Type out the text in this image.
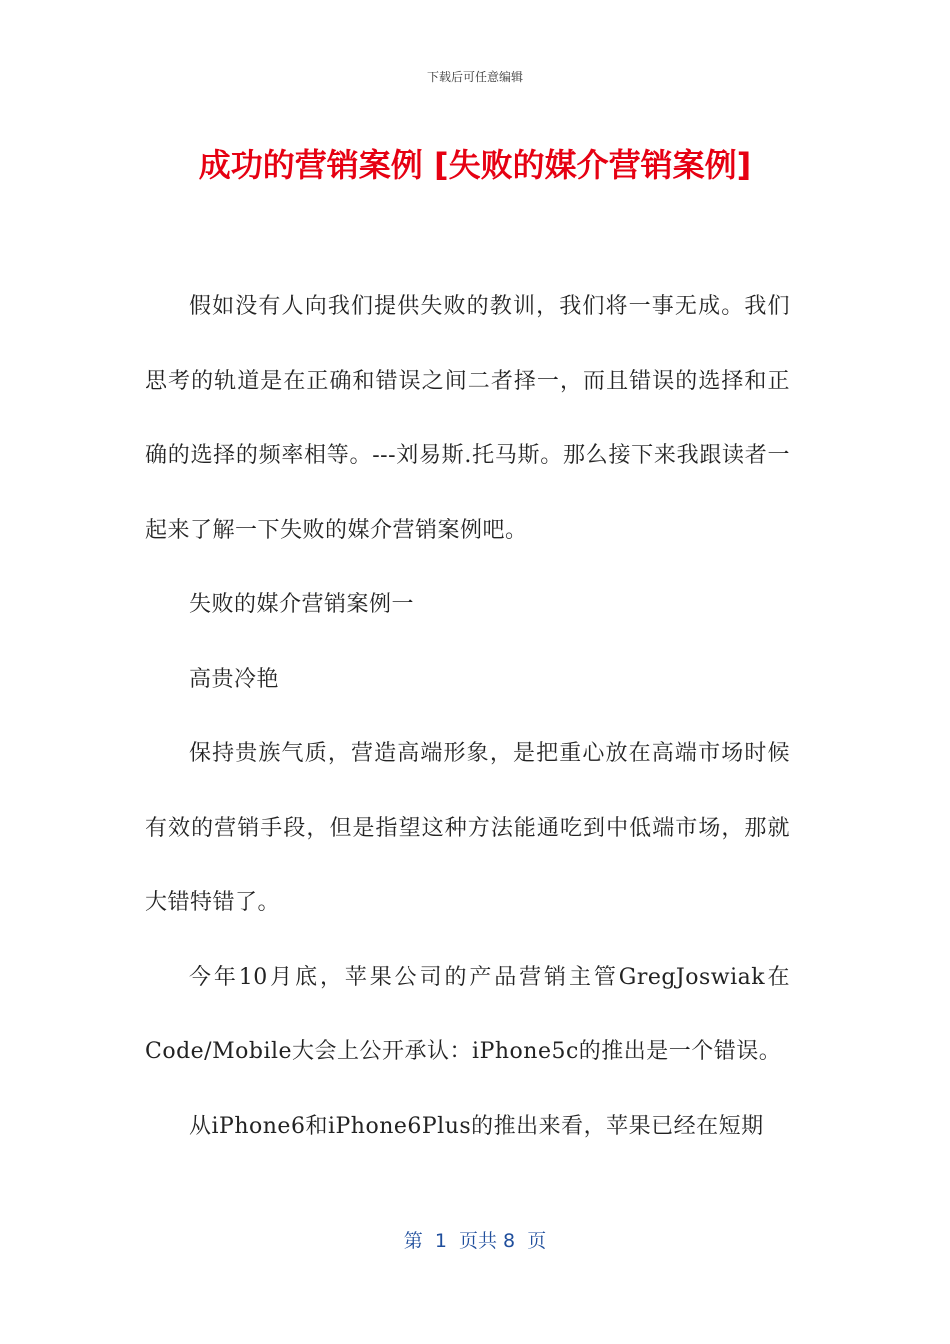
下载后可任意编辑
成功的营销案例 [失败的媒介营销案例]

假如没有人向我们提供失败的教训，我们将一事无成。我们思考的轨道是在正确和错误之间二者择一，而且错误的选择和正确的选择的频率相等。---刘易斯.托马斯。那么接下来我跟读者一起来了解一下失败的媒介营销案例吧。

失败的媒介营销案例一

高贵冷艳

保持贵族气质，营造高端形象，是把重心放在高端市场时候有效的营销手段，但是指望这种方法能通吃到中低端市场，那就大错特错了。

今年10月底，苹果公司的产品营销主管GregJoswiak在Code/Mobile大会上公开承认：iPhone5c的推出是一个错误。

从iPhone6和iPhone6Plus的推出来看，苹果已经在短期

第  1  页共 8  页
